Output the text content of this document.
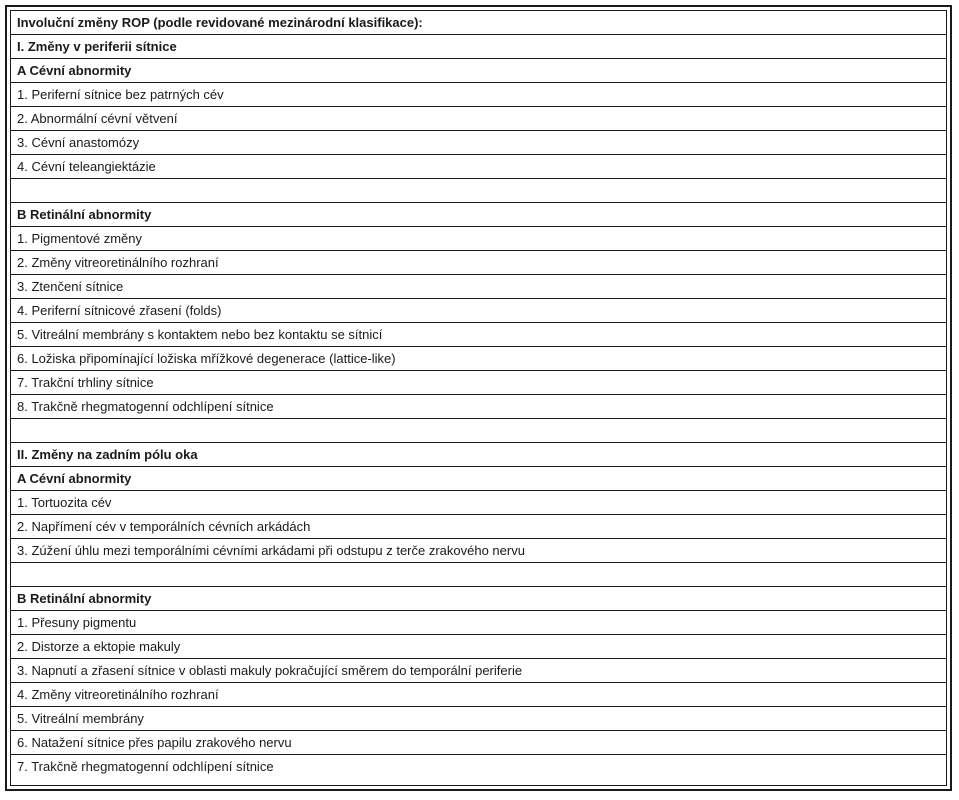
Involuční změny ROP (podle revidované mezinárodní klasifikace):
I. Změny v periferii sítnice
A Cévní abnormity
1. Periferní sítnice bez patrných cév
2. Abnormální cévní větvení
3. Cévní anastomózy
4. Cévní teleangiektázie

B Retinální abnormity
1. Pigmentové změny
2. Změny vitreoretinálního rozhraní
3. Ztenčení sítnice
4. Periferní sítnicové zřasení (folds)
5. Vitreální membrány s kontaktem nebo bez kontaktu se sítnicí
6. Ložiska připomínající ložiska mřížkové degenerace (lattice-like)
7. Trakční trhliny sítnice
8. Trakčně rhegmatogenní odchlípení sítnice

II. Změny na zadním pólu oka
A Cévní abnormity
1. Tortuozita cév
2. Napřímení cév v temporálních cévních arkádách
3. Zúžení úhlu mezi temporálními cévními arkádami při odstupu z terče zrakového nervu

B Retinální abnormity
1. Přesuny pigmentu
2. Distorze a ektopie makuly
3. Napnutí a zřasení sítnice v oblasti makuly pokračující směrem do temporální periferie
4. Změny vitreoretinálního rozhraní
5. Vitreální membrány
6. Natažení sítnice přes papilu zrakového nervu
7. Trakčně rhegmatogenní odchlípení sítnice
